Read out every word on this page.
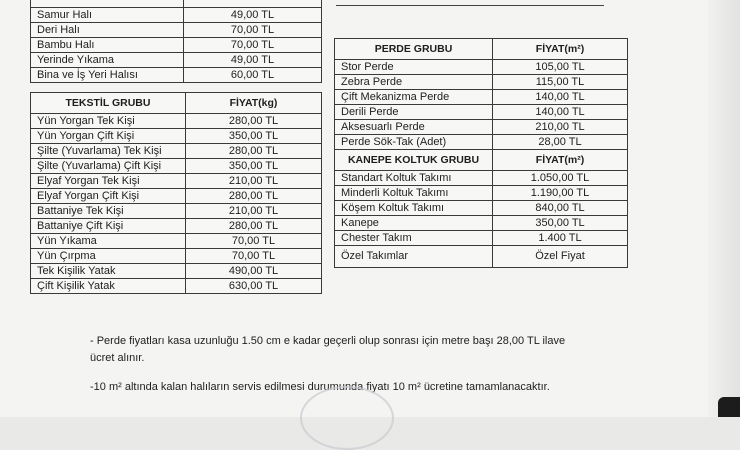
Samur Halı	49,00 TL
Deri Halı	70,00 TL
Bambu Halı	70,00 TL
Yerinde Yıkama	49,00 TL
Bina ve İş Yeri Halısı	60,00 TL
TEKSTİL GRUBU	FİYAT(kg)
Yün Yorgan Tek Kişi	280,00 TL
Yün Yorgan Çift Kişi	350,00 TL
Şilte (Yuvarlama) Tek Kişi	280,00 TL
Şilte (Yuvarlama) Çift Kişi	350,00 TL
Elyaf Yorgan Tek Kişi	210,00 TL
Elyaf Yorgan Çift Kişi	280,00 TL
Battaniye Tek Kişi	210,00 TL
Battaniye Çift Kişi	280,00 TL
Yün Yıkama	70,00 TL
Yün Çırpma	70,00 TL
Tek Kişilik Yatak	490,00 TL
Çift Kişilik Yatak	630,00 TL
PERDE GRUBU	FİYAT(m²)
Stor Perde	105,00 TL
Zebra Perde	115,00 TL
Çift Mekanizma Perde	140,00 TL
Derili Perde	140,00 TL
Aksesuarlı Perde	210,00 TL
Perde Sök-Tak (Adet)	28,00 TL
KANEPE KOLTUK GRUBU	FİYAT(m²)
Standart Koltuk Takımı	1.050,00 TL
Minderli Koltuk Takımı	1.190,00 TL
Köşem Koltuk Takımı	840,00 TL
Kanepe	350,00 TL
Chester Takım	1.400 TL
Özel Takımlar	Özel Fiyat

- Perde fiyatları kasa uzunluğu 1.50 cm e kadar geçerli olup sonrası için metre başı 28,00 TL ilave

ücret alınır.

-10 m² altında kalan halıların servis edilmesi durumunda fiyatı 10 m² ücretine tamamlanacaktır.
